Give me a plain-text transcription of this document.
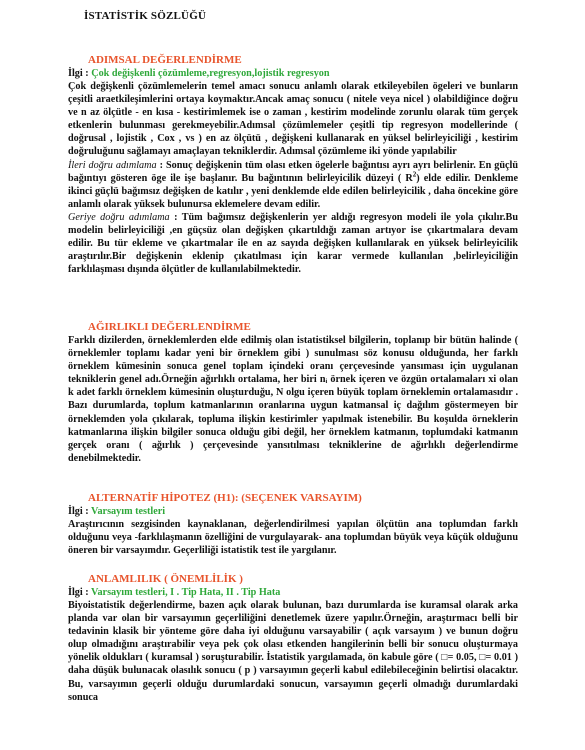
İSTATİSTİK SÖZLÜĞÜ
ADIMSAL DEĞERLENDİRME
İlgi : Çok değişkenli çözümleme,regresyon,lojistik regresyon
Çok değişkenli çözümlemelerin temel amacı sonucu anlamlı olarak etkileyebilen ögeleri ve bunların çeşitli araetkileşimlerini ortaya koymaktır.Ancak amaç sonucu ( nitele veya nicel ) olabildiğince doğru ve n az ölçütle - en kısa - kestirimlemek ise o zaman , kestirim modelinde zorunlu olarak tüm gerçek etkenlerin bulunması gerekmeyebilir.Adımsal çözümlemeler çeşitli tip regresyon modellerinde ( doğrusal , lojistik , Cox , vs ) en az ölçütü , değişkeni kullanarak en yüksel belirleyiciliği , kestirim doğruluğunu sağlamayı amaçlayan tekniklerdir. Adımsal çözümleme iki yönde yapılabilir
İleri doğru adımlama : Sonuç değişkenin tüm olası etken ögelerle bağıntısı ayrı ayrı belirlenir. En güçlü bağıntıyı gösteren öge ile işe başlanır. Bu bağıntının belirleyicilik düzeyi ( $R^2$) elde edilir. Denkleme ikinci güçlü bağımsız değişken de katılır , yeni denklemde elde edilen belirleyicilik , daha öncekine göre anlamlı olarak yüksek bulunursa eklemelere devam edilir.
Geriye doğru adımlama : Tüm bağımsız değişkenlerin yer aldığı regresyon modeli ile yola çıkılır.Bu modelin belirleyiciliği ,en güçsüz olan değişken çıkartıldığı zaman artıyor ise çıkartmalara devam edilir. Bu tür ekleme ve çıkartmalar ile en az sayıda değişken kullanılarak en yüksek belirleyicilik araştırılır.Bir değişkenin eklenip çıkatılması için karar vermede kullanılan ,belirleyiciliğin farklılaşması dışında ölçütler de kullanılabilmektedir.
AĞIRLIKLI DEĞERLENDİRME
Farklı dizilerden, örneklemlerden elde edilmiş olan istatistiksel bilgilerin, toplanıp bir bütün halinde ( örneklemler toplamı kadar yeni bir örneklem gibi ) sunulması söz konusu olduğunda, her farklı örneklem kümesinin sonuca genel toplam içindeki oranı çerçevesinde yansıması için uygulanan tekniklerin genel adı.Örneğin ağırlıklı ortalama, her biri nᵢ örnek içeren ve özgün ortalamaları xi olan k adet farklı örneklem kümesinin oluşturduğu, N olgu içeren büyük toplam örneklemin ortalamasıdır . Bazı durumlarda, toplum katmanlarının oranlarına uygun katmansal iç dağılım göstermeyen bir örneklemden yola çıkılarak, topluma ilişkin kestirimler yapılmak istenebilir. Bu koşulda örneklerin katmanlarına ilişkin bilgiler sonuca olduğu gibi değil, her örneklem katmanın, toplumdaki katmanın gerçek oranı ( ağırlık ) çerçevesinde yansıtılması tekniklerine de ağırlıklı değerlendirme denebilmektedir.
ALTERNATİF HİPOTEZ (H1): (SEÇENEK VARSAYIM)
İlgi : Varsayım testleri
Araştırıcının sezgisinden kaynaklanan, değerlendirilmesi yapılan ölçütün ana toplumdan farklı olduğunu veya -farklılaşmanın özelliğini de vurgulayarak- ana toplumdan büyük veya küçük olduğunu öneren bir varsayımdır. Geçerliliği istatistik test ile yargılanır.
ANLAMLILIK ( ÖNEMLİLİK )
İlgi : Varsayım testleri, I . Tip Hata, II . Tip Hata
Biyoistatistik değerlendirme, bazen açık olarak bulunan, bazı durumlarda ise kuramsal olarak arka planda var olan bir varsayımın geçerliliğini denetlemek üzere yapılır.Örneğin, araştırmacı belli bir tedavinin klasik bir yönteme göre daha iyi olduğunu varsayabilir ( açık varsayım ) ve bunun doğru olup olmadığını araştırabilir veya pek çok olası etkenden hangilerinin belli bir sonucu oluşturmaya yönelik oldukları ( kuramsal ) soruşturabilir. İstatistik yargılamada, ön kabule göre ( □= 0.05, □= 0.01 ) daha düşük bulunacak olasılık sonucu ( p ) varsayımın geçerli kabul edilebileceğinin belirtisi olacaktır. Bu, varsayımın geçerli olduğu durumlardaki sonucun, varsayımın geçerli olmadığı durumlardaki sonuca
